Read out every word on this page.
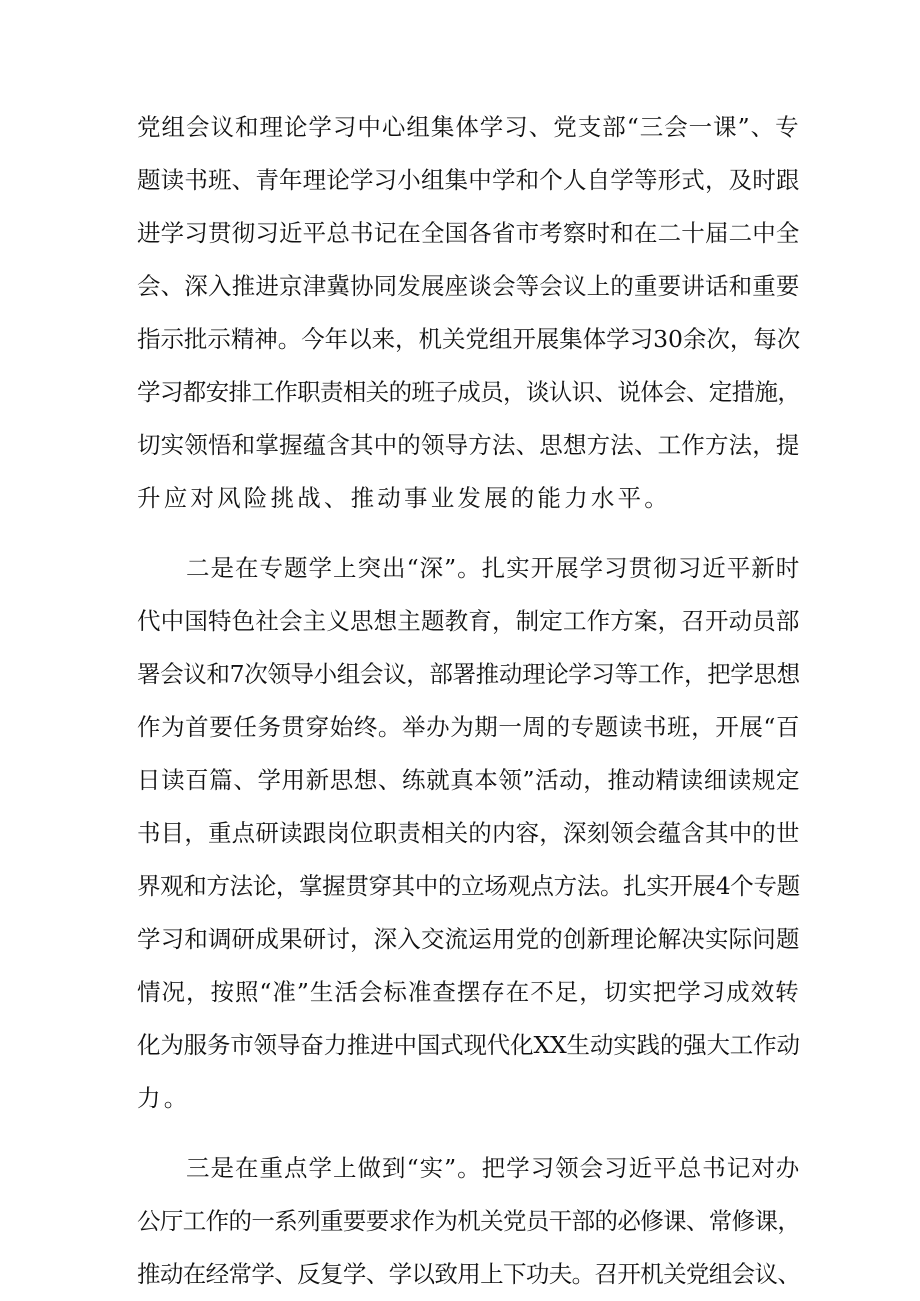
党组会议和理论学习中心组集体学习、党支部“三会一课”、专
题读书班、青年理论学习小组集中学和个人自学等形式，及时跟
进学习贯彻习近平总书记在全国各省市考察时和在二十届二中全
会、深入推进京津冀协同发展座谈会等会议上的重要讲话和重要
指示批示精神。今年以来，机关党组开展集体学习30余次，每次
学习都安排工作职责相关的班子成员，谈认识、说体会、定措施，
切实领悟和掌握蕴含其中的领导方法、思想方法、工作方法，提
升应对风险挑战、推动事业发展的能力水平。
二是在专题学上突出“深”。扎实开展学习贯彻习近平新时
代中国特色社会主义思想主题教育，制定工作方案，召开动员部
署会议和7次领导小组会议，部署推动理论学习等工作，把学思想
作为首要任务贯穿始终。举办为期一周的专题读书班，开展“百
日读百篇、学用新思想、练就真本领”活动，推动精读细读规定
书目，重点研读跟岗位职责相关的内容，深刻领会蕴含其中的世
界观和方法论，掌握贯穿其中的立场观点方法。扎实开展4个专题
学习和调研成果研讨，深入交流运用党的创新理论解决实际问题
情况，按照“准”生活会标准查摆存在不足，切实把学习成效转
化为服务市领导奋力推进中国式现代化XX生动实践的强大工作动
力。
三是在重点学上做到“实”。把学习领会习近平总书记对办
公厅工作的一系列重要要求作为机关党员干部的必修课、常修课，
推动在经常学、反复学、学以致用上下功夫。召开机关党组会议、
